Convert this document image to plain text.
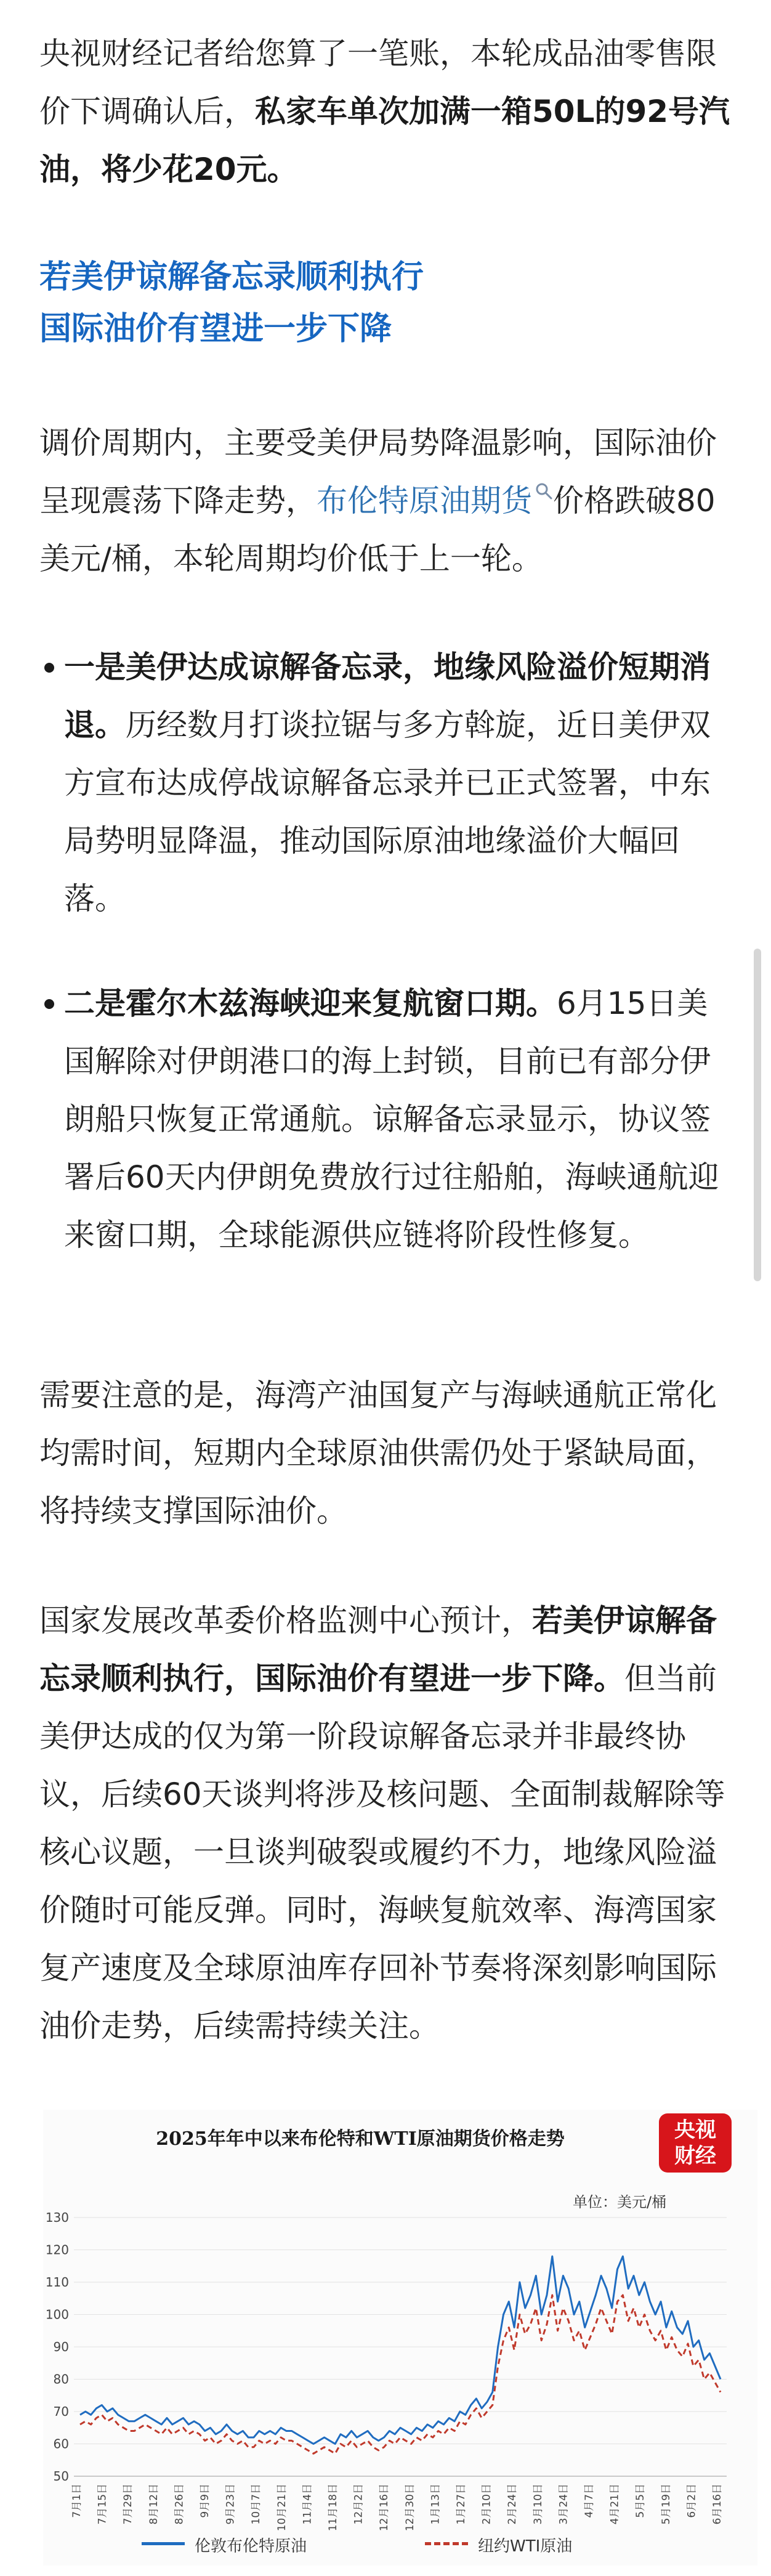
央视财经记者给您算了一笔账，本轮成品油零售限价下调确认后，私家车单次加满一箱50L的92号汽油，将少花20元。

若美伊谅解备忘录顺利执行
国际油价有望进一步下降

调价周期内，主要受美伊局势降温影响，国际油价呈现震荡下降走势，布伦特原油期货 价格跌破80美元/桶，本轮周期均价低于上一轮。

一是美伊达成谅解备忘录，地缘风险溢价短期消退。历经数月打谈拉锯与多方斡旋，近日美伊双方宣布达成停战谅解备忘录并已正式签署，中东局势明显降温，推动国际原油地缘溢价大幅回落。

二是霍尔木兹海峡迎来复航窗口期。6月15日美国解除对伊朗港口的海上封锁，目前已有部分伊朗船只恢复正常通航。谅解备忘录显示，协议签署后60天内伊朗免费放行过往船舶，海峡通航迎来窗口期，全球能源供应链将阶段性修复。

需要注意的是，海湾产油国复产与海峡通航正常化均需时间，短期内全球原油供需仍处于紧缺局面，将持续支撑国际油价。

国家发展改革委价格监测中心预计，若美伊谅解备忘录顺利执行，国际油价有望进一步下降。但当前美伊达成的仅为第一阶段谅解备忘录并非最终协议，后续60天谈判将涉及核问题、全面制裁解除等核心议题，一旦谈判破裂或履约不力，地缘风险溢价随时可能反弹。同时，海峡复航效率、海湾国家复产速度及全球原油库存回补节奏将深刻影响国际油价走势，后续需持续关注。

2025年年中以来布伦特和WTI原油期货价格走势	央视
财经
单位：美元/桶
50
60
70
80
90
100
110
120
130
7月1日 7月15日 7月29日 8月12日 8月26日 9月9日 9月23日 10月7日 10月21日 11月4日 11月18日 12月2日 12月16日 12月30日 1月13日 1月27日 2月10日 2月24日 3月10日 3月24日 4月7日 4月21日 5月5日 5月19日 6月2日 6月16日
伦敦布伦特原油	纽约WTI原油
